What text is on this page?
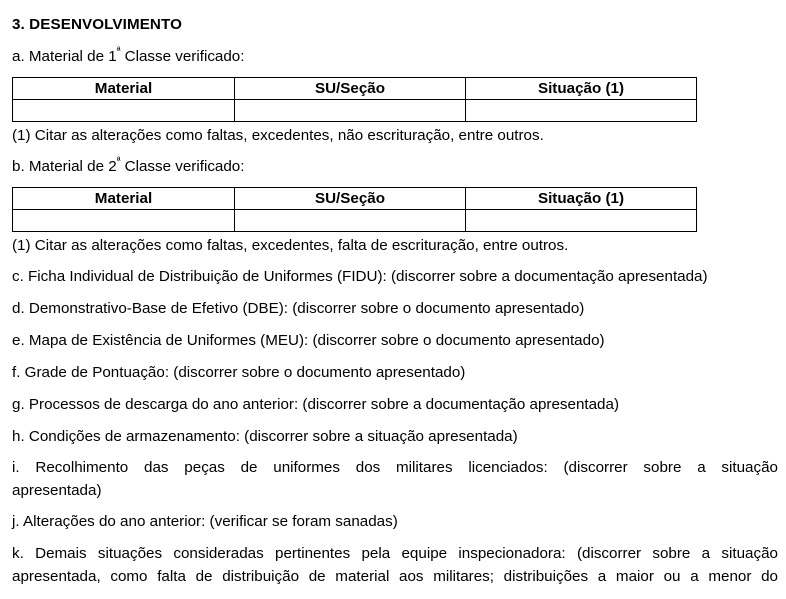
3. DESENVOLVIMENTO
a. Material de $1^ª$ Classe verificado:
Material	SU/Seção	Situação (1)

(1) Citar as alterações como faltas, excedentes, não escrituração, entre outros.
b. Material de $2^ª$ Classe verificado:
Material	SU/Seção	Situação (1)

(1) Citar as alterações como faltas, excedentes, falta de escrituração, entre outros.
c. Ficha Individual de Distribuição de Uniformes (FIDU): (discorrer sobre a documentação apresentada)
d. Demonstrativo-Base de Efetivo (DBE): (discorrer sobre o documento apresentado)
e. Mapa de Existência de Uniformes (MEU): (discorrer sobre o documento apresentado)
f. Grade de Pontuação: (discorrer sobre o documento apresentado)
g. Processos de descarga do ano anterior: (discorrer sobre a documentação apresentada)
h. Condições de armazenamento: (discorrer sobre a situação apresentada)
i. Recolhimento das peças de uniformes dos militares licenciados: (discorrer sobre a situação
apresentada)
j. Alterações do ano anterior: (verificar se foram sanadas)
k. Demais situações consideradas pertinentes pela equipe inspecionadora: (discorrer sobre a situação
apresentada, como falta de distribuição de material aos militares; distribuições a maior ou a menor do
